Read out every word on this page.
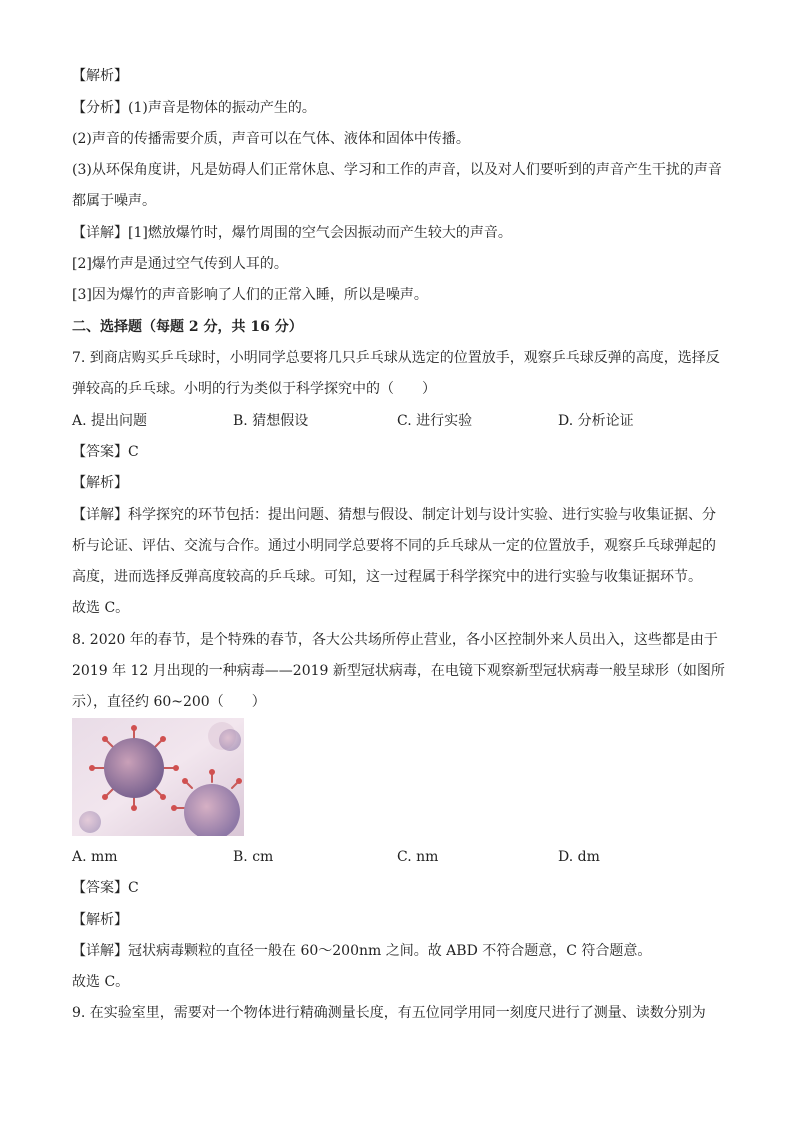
【解析】
【分析】(1)声音是物体的振动产生的。
(2)声音的传播需要介质，声音可以在气体、液体和固体中传播。
(3)从环保角度讲，凡是妨碍人们正常休息、学习和工作的声音，以及对人们要听到的声音产生干扰的声音
都属于噪声。
【详解】[1]燃放爆竹时，爆竹周围的空气会因振动而产生较大的声音。
[2]爆竹声是通过空气传到人耳的。
[3]因为爆竹的声音影响了人们的正常入睡，所以是噪声。
二、选择题（每题 2 分，共 16 分）
7. 到商店购买乒乓球时，小明同学总要将几只乒乓球从选定的位置放手，观察乒乓球反弹的高度，选择反
弹较高的乒乓球。小明的行为类似于科学探究中的（　　）
A. 提出问题	B. 猜想假设	C. 进行实验	D. 分析论证
【答案】C
【解析】
【详解】科学探究的环节包括：提出问题、猜想与假设、制定计划与设计实验、进行实验与收集证据、分
析与论证、评估、交流与合作。通过小明同学总要将不同的乒乓球从一定的位置放手，观察乒乓球弹起的
高度，进而选择反弹高度较高的乒乓球。可知，这一过程属于科学探究中的进行实验与收集证据环节。
故选 C。
8. 2020 年的春节，是个特殊的春节，各大公共场所停止营业，各小区控制外来人员出入，这些都是由于
2019 年 12 月出现的一种病毒——2019 新型冠状病毒，在电镜下观察新型冠状病毒一般呈球形（如图所
示），直径约 60~200（　　）
A. mm	B. cm	C. nm	D. dm
【答案】C
【解析】
【详解】冠状病毒颗粒的直径一般在 60～200nm 之间。故 ABD 不符合题意，C 符合题意。
故选 C。
9. 在实验室里，需要对一个物体进行精确测量长度，有五位同学用同一刻度尺进行了测量、读数分别为
